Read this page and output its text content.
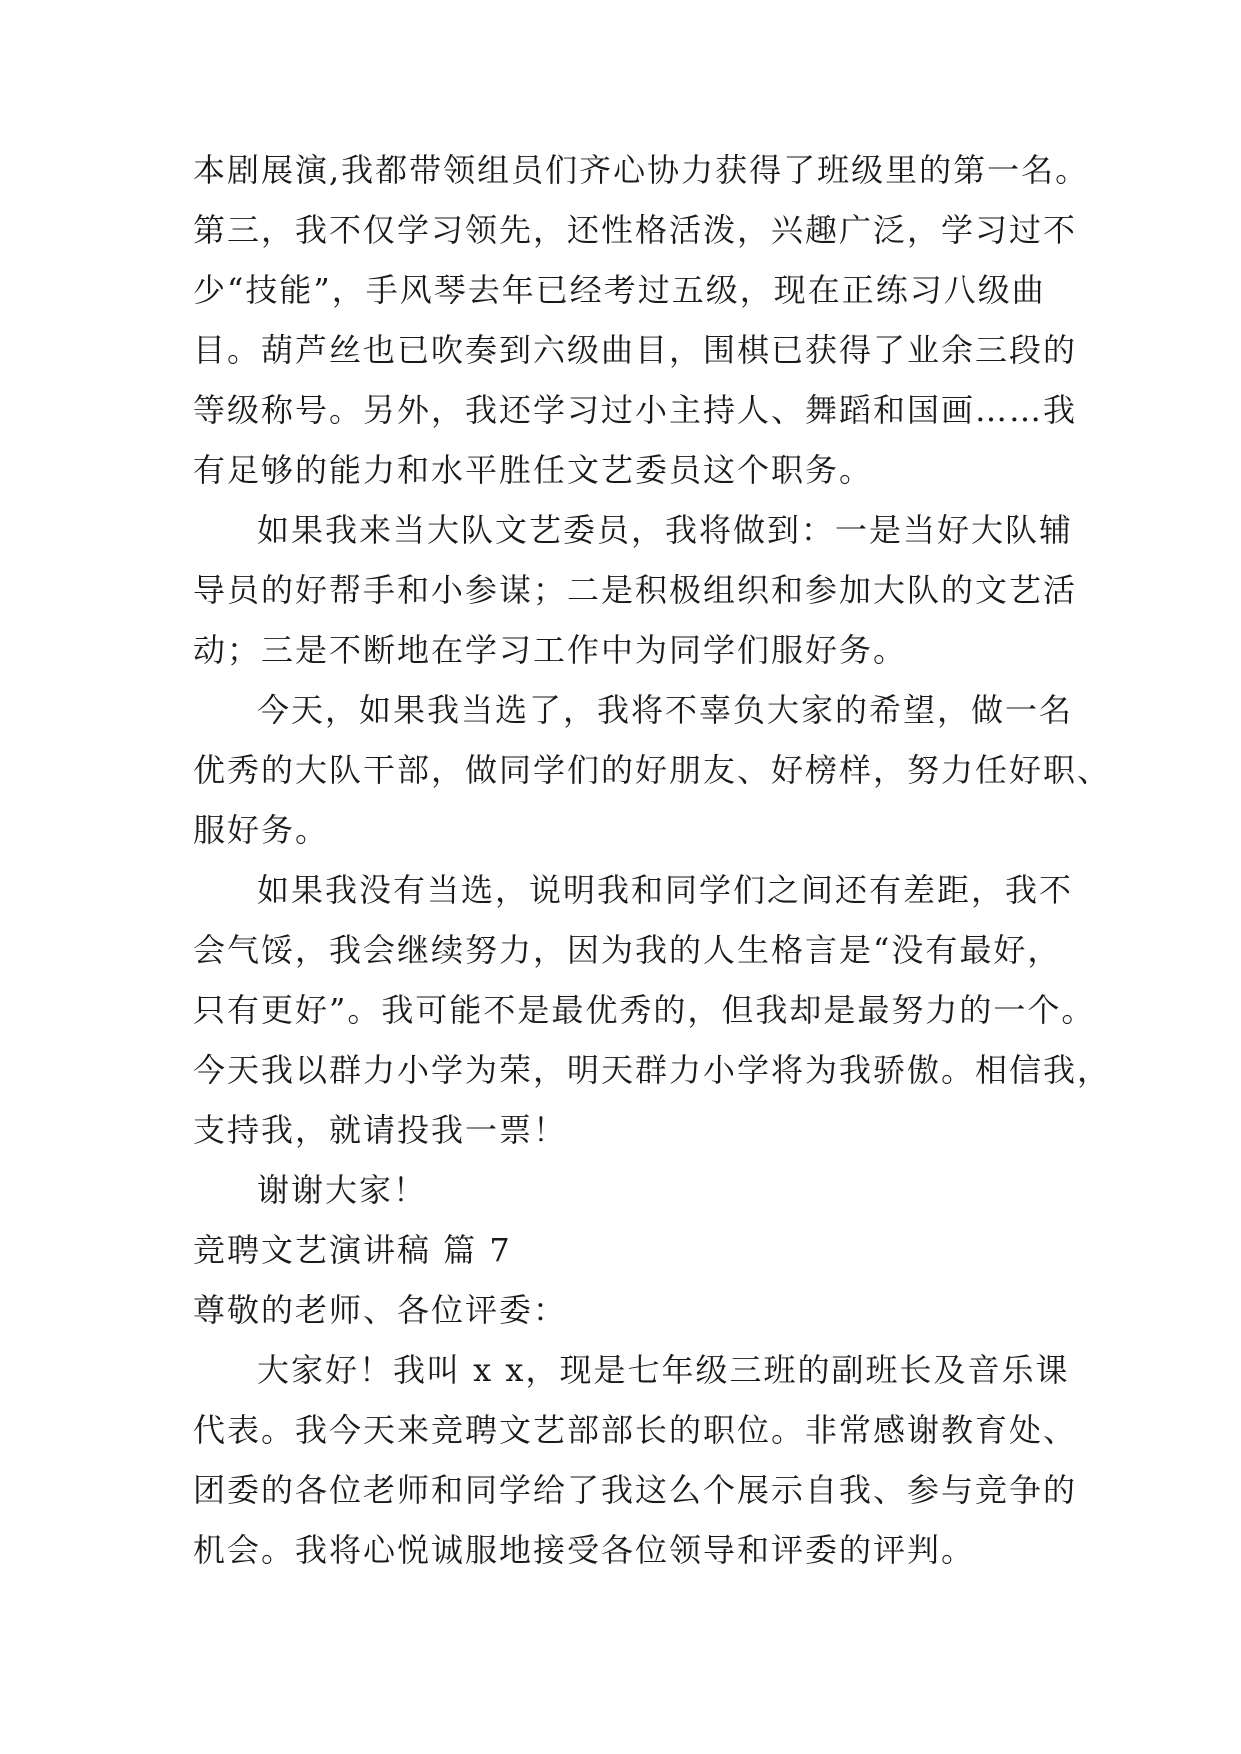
本剧展演,我都带领组员们齐心协力获得了班级里的第一名。
第三，我不仅学习领先，还性格活泼，兴趣广泛，学习过不
少“技能”，手风琴去年已经考过五级，现在正练习八级曲
目。葫芦丝也已吹奏到六级曲目，围棋已获得了业余三段的
等级称号。另外，我还学习过小主持人、舞蹈和国画……我
有足够的能力和水平胜任文艺委员这个职务。
如果我来当大队文艺委员，我将做到：一是当好大队辅
导员的好帮手和小参谋；二是积极组织和参加大队的文艺活
动；三是不断地在学习工作中为同学们服好务。
今天，如果我当选了，我将不辜负大家的希望，做一名
优秀的大队干部，做同学们的好朋友、好榜样，努力任好职、
服好务。
如果我没有当选，说明我和同学们之间还有差距，我不
会气馁，我会继续努力，因为我的人生格言是“没有最好，
只有更好”。我可能不是最优秀的，但我却是最努力的一个。
今天我以群力小学为荣，明天群力小学将为我骄傲。相信我，
支持我，就请投我一票！
谢谢大家！
竞聘文艺演讲稿 篇 7
尊敬的老师、各位评委：
大家好！我叫 x x，现是七年级三班的副班长及音乐课
代表。我今天来竞聘文艺部部长的职位。非常感谢教育处、
团委的各位老师和同学给了我这么个展示自我、参与竞争的
机会。我将心悦诚服地接受各位领导和评委的评判。
